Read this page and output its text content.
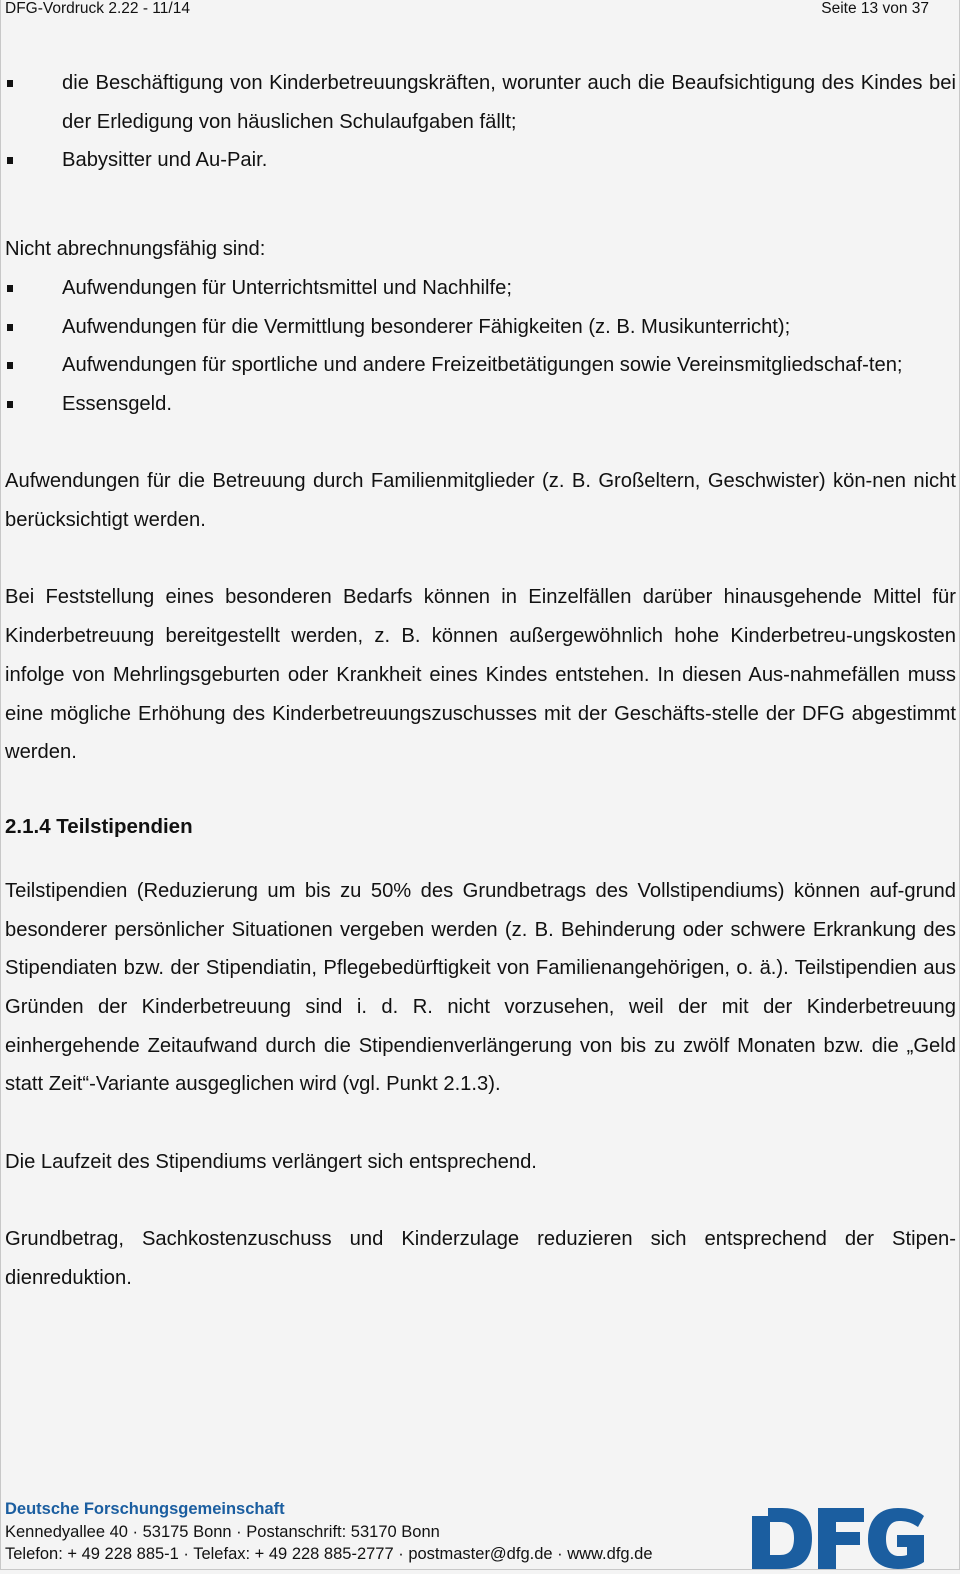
DFG-Vordruck 2.22 - 11/14	Seite 13 von 37
die Beschäftigung von Kinderbetreuungskräften, worunter auch die Beaufsichtigung des Kindes bei der Erledigung von häuslichen Schulaufgaben fällt;
Babysitter und Au-Pair.

Nicht abrechnungsfähig sind:

Aufwendungen für Unterrichtsmittel und Nachhilfe;
Aufwendungen für die Vermittlung besonderer Fähigkeiten (z. B. Musikunterricht);
Aufwendungen für sportliche und andere Freizeitbetätigungen sowie Vereinsmitgliedschaf-ten;
Essensgeld.

Aufwendungen für die Betreuung durch Familienmitglieder (z. B. Großeltern, Geschwister) kön-nen nicht berücksichtigt werden.

Bei Feststellung eines besonderen Bedarfs können in Einzelfällen darüber hinausgehende Mittel für Kinderbetreuung bereitgestellt werden, z. B. können außergewöhnlich hohe Kinderbetreu-ungskosten infolge von Mehrlingsgeburten oder Krankheit eines Kindes entstehen. In diesen Aus-nahmefällen muss eine mögliche Erhöhung des Kinderbetreuungszuschusses mit der Geschäfts-stelle der DFG abgestimmt werden.

2.1.4 Teilstipendien

Teilstipendien (Reduzierung um bis zu 50% des Grundbetrags des Vollstipendiums) können auf-grund besonderer persönlicher Situationen vergeben werden (z. B. Behinderung oder schwere Erkrankung des Stipendiaten bzw. der Stipendiatin, Pflegebedürftigkeit von Familienangehörigen, o. ä.). Teilstipendien aus Gründen der Kinderbetreuung sind i. d. R. nicht vorzusehen, weil der mit der Kinderbetreuung einhergehende Zeitaufwand durch die Stipendienverlängerung von bis zu zwölf Monaten bzw. die „Geld statt Zeit“-Variante ausgeglichen wird (vgl. Punkt 2.1.3).

Die Laufzeit des Stipendiums verlängert sich entsprechend.

Grundbetrag, Sachkostenzuschuss und Kinderzulage reduzieren sich entsprechend der Stipen-dienreduktion.

Deutsche Forschungsgemeinschaft
Kennedyallee 40 · 53175 Bonn · Postanschrift: 53170 Bonn
Telefon: + 49 228 885-1 · Telefax: + 49 228 885-2777 · postmaster@dfg.de · www.dfg.de
